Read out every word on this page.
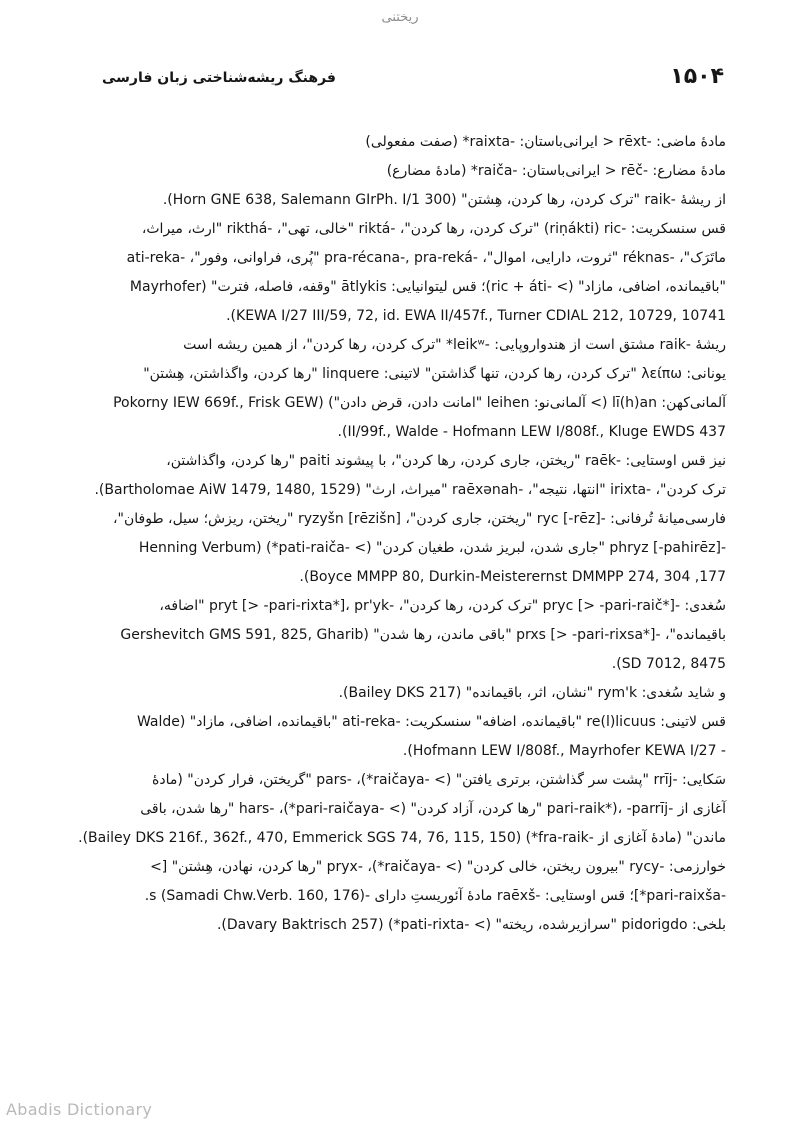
ریختنی
۱۵۰۴
فرهنگ ریشه‌شناختی زبان فارسی
مادهٔ ماضی: -rēxt < ایرانی‌باستان: -raixta* (صفت مفعولی)
مادهٔ مضارع: -rēč < ایرانی‌باستان: -raiča* (مادهٔ مضارع)
از ریشهٔ -raik "ترک کردن، رها کردن، هِشتن" (Horn GNE 638, Salemann GIrPh. I/1 300).
قس سنسکریت: -riṇákti) ric) "ترک کردن، رها کردن"، -riktá "خالی، تهی"، -rikthá "ارث، میراث،
ماتَرَک"، -réknas "ثروت، دارایی، اموال"، -pra-récana-, pra-reká "پُری، فراوانی، وفور"، -ati-reka
"باقیمانده، اضافی، مازاد" (> -ric + áti)؛ قس لیتوانیایی: ātlykis "وقفه، فاصله، فترت" (Mayrhofer
KEWA I/27 III/59, 72, id. EWA II/457f., Turner CDIAL 212, 10729, 10741).
ریشهٔ -raik مشتق است از هندواروپایی: -leikʷ* "ترک کردن، رها کردن"، از همین ریشه است
یونانی: λείπω "ترک کردن، رها کردن، تنها گذاشتن" لاتینی: linquere "رها کردن، واگذاشتن، هِشتن"
آلمانی‌کهن: lī(h)an (> آلمانی‌نو: leihen "امانت دادن، قرض دادن") (Pokorny IEW 669f., Frisk GEW
II/99f., Walde - Hofmann LEW I/808f., Kluge EWDS 437).
نیز قس اوستایی: -raēk "ریختن، جاری کردن، رها کردن"، با پیشوند paiti "رها کردن، واگذاشتن،
ترک کردن"، -irixta "انتها، نتیجه"، -raēxənah "میراث، ارث" (Bartholomae AiW 1479, 1480, 1529).
فارسی‌میانهٔ تُرفانی: -ryc [-rēz] "ریختن، جاری کردن"، ryzyšn [rēzišn] "ریختن، ریزش؛ سیل، طوفان"،
-phryz [-pahirēz] "جاری شدن، لبریز شدن، طغیان کردن" (> -pati-raiča*) (Henning Verbum
177, Boyce MMPP 80, Durkin-Meisterernst DMMPP 274, 304).
سُغدی: -pryc [> -pari-raič*] "ترک کردن، رها کردن"، -pryt [> -pari-rixta*]، pr'yk "اضافه،
باقیمانده"، -prxs [> -pari-rixsa*] "باقی ماندن، رها شدن" (Gershevitch GMS 591, 825, Gharib
SD 7012, 8475).
و شاید سُغدی: rym'k "نشان، اثر، باقیمانده" (Bailey DKS 217).
قس لاتینی: re(l)licuus "باقیمانده، اضافه" سنسکریت: -ati-reka "باقیمانده، اضافی، مازاد" (Walde
- Hofmann LEW I/808f., Mayrhofer KEWA I/27).
سَکایی: -rrīj "پشت سر گذاشتن، برتری یافتن" (> -raičaya*)، -pars "گریختن، فرار کردن" (مادهٔ
آغازی از -pari-raik*)، -parrīj "رها کردن، آزاد کردن" (> -pari-raičaya*)، -hars "رها شدن، باقی
ماندن" (مادهٔ آغازی از -fra-raik*) (Bailey DKS 216f., 362f., 470, Emmerick SGS 74, 76, 115, 150).
خوارزمی: -rycy "بیرون ریختن، خالی کردن" (> -raičaya*)، -pryx "رها کردن، نهادن، هِشتن" [>
-pari-raixša*]؛ قس اوستایی: -raēxš مادهٔ آئوریستِ دارای -s (Samadi Chw.Verb. 160, 176).
بلخی: pidorigdo "سرازیرشده، ریخته" (> -pati-rixta*) (Davary Baktrisch 257).
Abadis Dictionary
